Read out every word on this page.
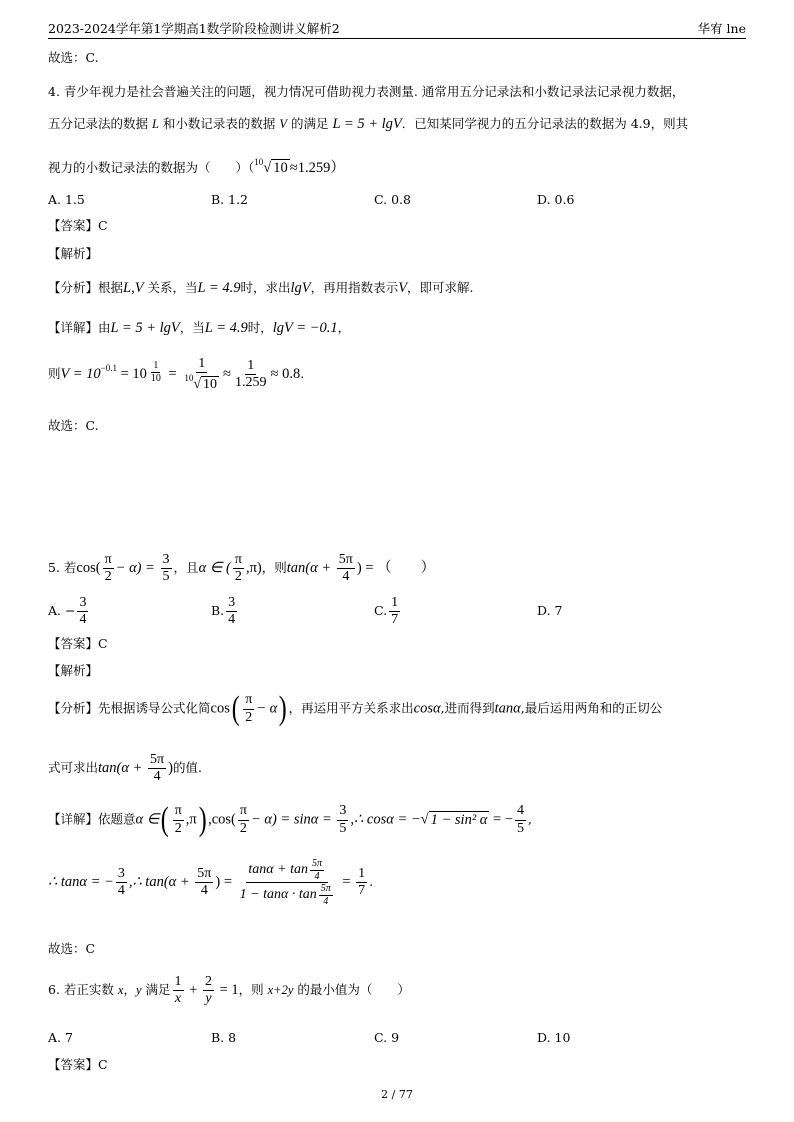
2023-2024学年第1学期高1数学阶段检测讲义解析2	华宥 lne
故选：C.
4. 青少年视力是社会普遍关注的问题，视力情况可借助视力表测量. 通常用五分记录法和小数记录法记录视力数据，
五分记录法的数据 L 和小数记录表的数据 V 的满足 L = 5 + lgV．已知某同学视力的五分记录法的数据为 4.9，则其
视力的小数记录法的数据为（　　）（$^{10}$√ 10 ≈1.259）
A. 1.5	B. 1.2	C. 0.8	D. 0.6
【答案】C
【解析】
【分析】根据L,V 关系，当L = 4.9时，求出lgV，再用指数表示V，即可求解.
【详解】由L = 5 + lgV，当L = 4.9时，lgV = −0.1，
则$V = 10^{-0.1} = 10 \frac{1}{10} = \frac{1}{^{10}√ 10} \approx \frac{1}{1.259} \approx 0.8$.
故选：C.
5. 若$\cos( \frac{\pi}{2} - \alpha) = \frac{3}{5}$ ，且α ∈ ( $\frac{\pi}{2} ,\pi$)，则$\tan(\alpha + \frac{5\pi}{4}$ ) = （　　）
A. − $\frac{3}{4}$	B. $\frac{3}{4}$	C. $\frac{1}{7}$	D. 7
【答案】C
【解析】
【分析】先根据诱导公式化简$\cos( \frac{\pi}{2} - \alpha)$ ，再运用平方关系求出cosα,进而得到tanα,最后运用两角和的正切公
式可求出$\tan(\alpha + \frac{5\pi}{4}$ )的值.
【详解】依题意α ∈( $\frac{\pi}{2} ,\pi$) $,\cos( \frac{\pi}{2} - \alpha) = \sin\alpha = \frac{3}{5}$ ,∴ cosα = −√ 1 − sin² α = − $\frac{4}{5}$ ,
∴ tanα = − $\frac{3}{4}$ ,∴ $\tan(\alpha + \frac{5\pi}{4}$ ) = $\frac{\tan\alpha + \tan \frac{5\pi}{4}}{1 - \tan\alpha \cdot \tan \frac{5\pi}{4}} = \frac{1}{7}$ .
故选：C
6. 若正实数 x，y 满足 $\frac{1}{x} + \frac{2}{y} = 1$，则 x+2y 的最小值为（　　）
A. 7	B. 8	C. 9	D. 10
【答案】C
2 / 77
